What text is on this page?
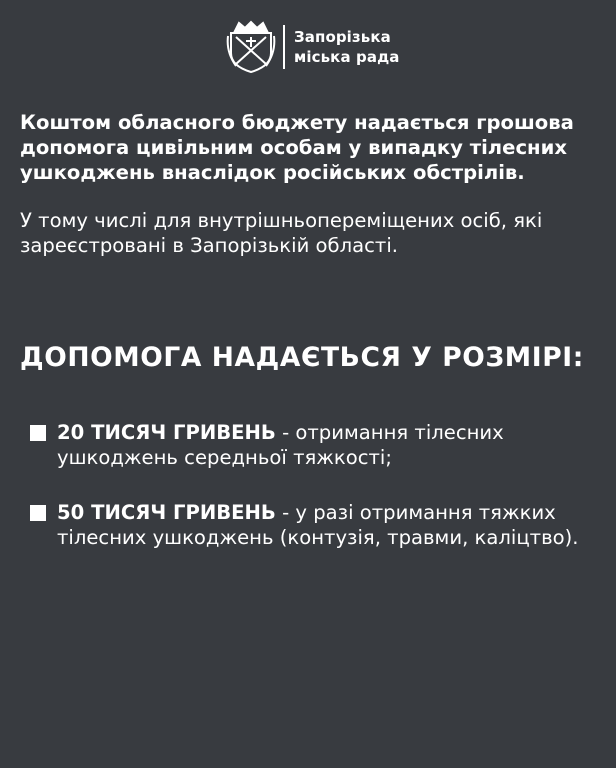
Запорізька
міська рада

Коштом обласного бюджету надається грошова допомога цивільним особам у випадку тілесних ушкоджень внаслідок російських обстрілів.

У тому числі для внутрішньопереміщених осіб, які зареєстровані в Запорізькій області.

ДОПОМОГА НАДАЄТЬСЯ У РОЗМІРІ:
20 ТИСЯЧ ГРИВЕНЬ - отримання тілесних ушкоджень середньої тяжкості;
50 ТИСЯЧ ГРИВЕНЬ - у разі отримання тяжких тілесних ушкоджень (контузія, травми, каліцтво).
